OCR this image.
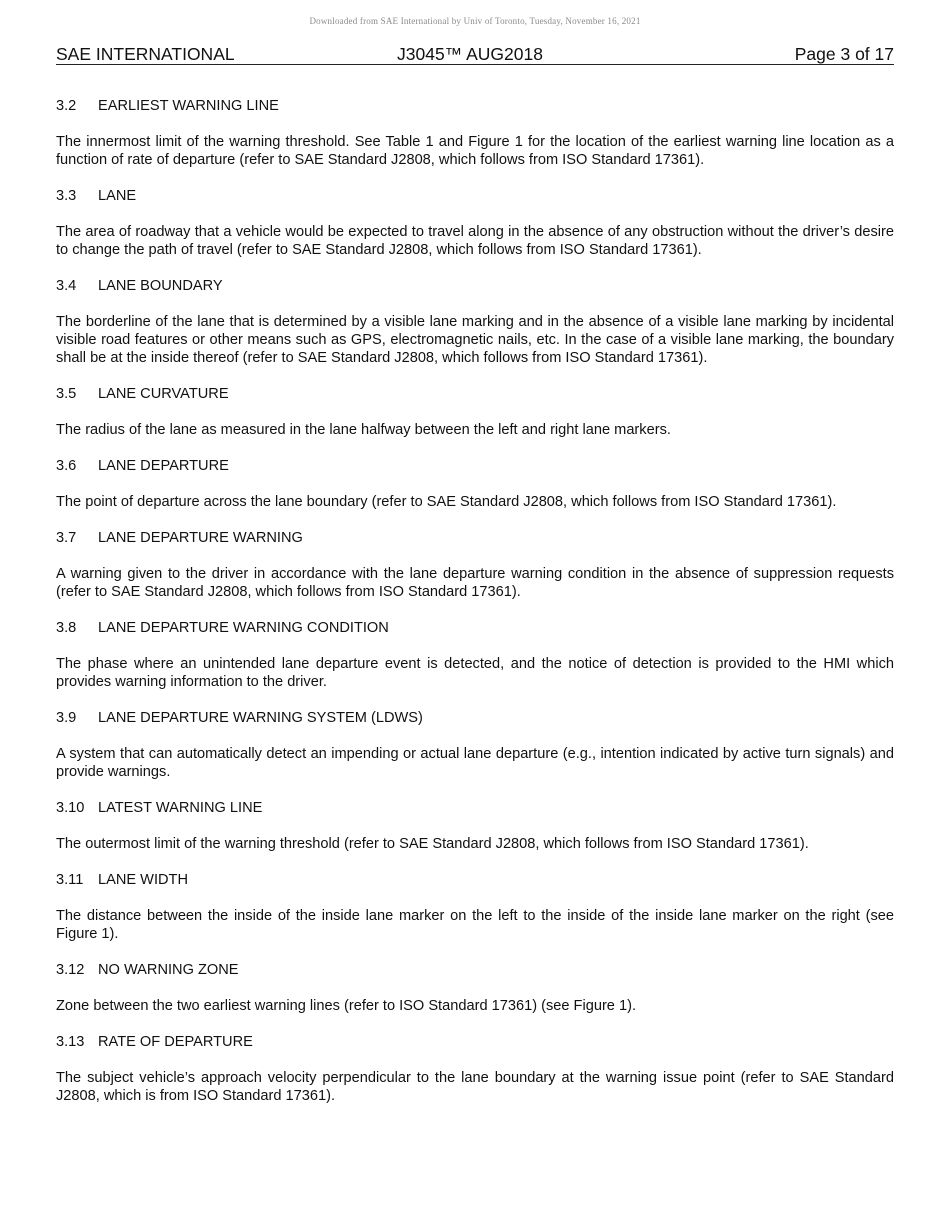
Downloaded from SAE International by Univ of Toronto, Tuesday, November 16, 2021
SAE INTERNATIONAL	J3045™ AUG2018	Page 3 of 17
3.2 EARLIEST WARNING LINE

The innermost limit of the warning threshold. See Table 1 and Figure 1 for the location of the earliest warning line location as a function of rate of departure (refer to SAE Standard J2808, which follows from ISO Standard 17361).

3.3 LANE

The area of roadway that a vehicle would be expected to travel along in the absence of any obstruction without the driver’s desire to change the path of travel (refer to SAE Standard J2808, which follows from ISO Standard 17361).

3.4 LANE BOUNDARY

The borderline of the lane that is determined by a visible lane marking and in the absence of a visible lane marking by incidental visible road features or other means such as GPS, electromagnetic nails, etc. In the case of a visible lane marking, the boundary shall be at the inside thereof (refer to SAE Standard J2808, which follows from ISO Standard 17361).

3.5 LANE CURVATURE

The radius of the lane as measured in the lane halfway between the left and right lane markers.

3.6 LANE DEPARTURE

The point of departure across the lane boundary (refer to SAE Standard J2808, which follows from ISO Standard 17361).

3.7 LANE DEPARTURE WARNING

A warning given to the driver in accordance with the lane departure warning condition in the absence of suppression requests (refer to SAE Standard J2808, which follows from ISO Standard 17361).

3.8 LANE DEPARTURE WARNING CONDITION

The phase where an unintended lane departure event is detected, and the notice of detection is provided to the HMI which provides warning information to the driver.

3.9 LANE DEPARTURE WARNING SYSTEM (LDWS)

A system that can automatically detect an impending or actual lane departure (e.g., intention indicated by active turn signals) and provide warnings.

3.10 LATEST WARNING LINE

The outermost limit of the warning threshold (refer to SAE Standard J2808, which follows from ISO Standard 17361).

3.11 LANE WIDTH

The distance between the inside of the inside lane marker on the left to the inside of the inside lane marker on the right (see Figure 1).

3.12 NO WARNING ZONE

Zone between the two earliest warning lines (refer to ISO Standard 17361) (see Figure 1).

3.13 RATE OF DEPARTURE

The subject vehicle’s approach velocity perpendicular to the lane boundary at the warning issue point (refer to SAE Standard J2808, which is from ISO Standard 17361).
